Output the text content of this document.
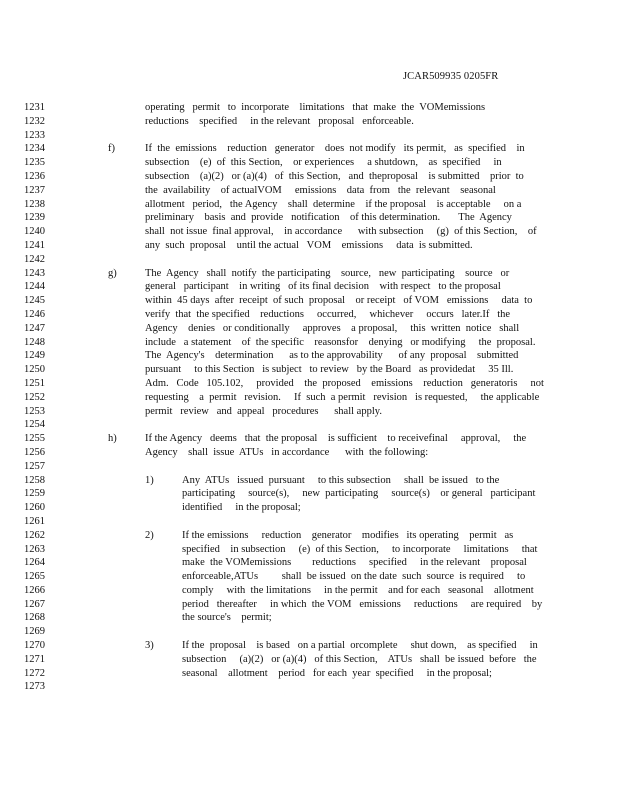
JCAR509935 0205FR
1231	operating   permit   to  incorporate    limitations   that  make  the  VOMemissions
1232	reductions    specified     in the relevant   proposal   enforceable.
1233
1234	f)	If  the  emissions    reduction   generator    does  not modify   its permit,   as  specified    in
1235	subsection    (e)  of  this Section,    or experiences     a shutdown,    as  specified     in
1236	subsection    (a)(2)   or (a)(4)   of  this Section,   and  theproposal    is submitted    prior  to
1237	the  availability    of actualVOM     emissions    data  from   the  relevant    seasonal
1238	allotment   period,   the Agency    shall  determine    if the proposal    is acceptable     on a
1239	preliminary    basis  and  provide   notification    of this determination.       The  Agency
1240	shall  not issue  final approval,    in accordance      with subsection     (g)  of this Section,    of
1241	any  such  proposal    until the actual   VOM    emissions     data  is submitted.
1242
1243	g)	The  Agency   shall  notify  the participating    source,   new  participating    source   or
1244	general   participant    in writing   of its final decision    with respect   to the proposal
1245	within  45 days  after  receipt  of such  proposal    or receipt   of VOM   emissions     data  to
1246	verify  that  the specified    reductions     occurred,     whichever     occurs   later.If   the
1247	Agency    denies   or conditionally     approves    a proposal,     this  written  notice   shall
1248	include   a statement    of  the specific    reasonsfor    denying   or modifying     the  proposal.
1249	The  Agency's    determination      as to the approvability      of any  proposal    submitted
1250	pursuant     to this Section   is subject   to review   by the Board   as providedat     35 Ill.
1251	Adm.   Code   105.102,     provided    the  proposed    emissions    reduction   generatoris     not
1252	requesting    a  permit   revision.     If  such  a permit   revision   is requested,     the applicable
1253	permit   review   and  appeal   procedures      shall apply.
1254
1255	h)	If the Agency   deems   that  the proposal    is sufficient    to receivefinal     approval,     the
1256	Agency    shall  issue  ATUs   in accordance      with  the following:
1257
1258	1)	Any  ATUs   issued  pursuant     to this subsection     shall  be issued   to the
1259	participating     source(s),     new  participating     source(s)    or general   participant
1260	identified     in the proposal;
1261
1262	2)	If the emissions     reduction    generator    modifies   its operating    permit   as
1263	specified    in subsection     (e)  of this Section,     to incorporate     limitations     that
1264	make  the VOMemissions        reductions     specified     in the relevant    proposal
1265	enforceable,ATUs         shall  be issued  on the date  such  source  is required     to
1266	comply     with  the limitations     in the permit    and for each   seasonal    allotment
1267	period   thereafter     in which  the VOM   emissions     reductions     are required    by
1268	the source's    permit;
1269
1270	3)	If the  proposal    is based   on a partial  orcomplete     shut down,    as specified     in
1271	subsection     (a)(2)   or (a)(4)   of this Section,    ATUs   shall  be issued  before   the
1272	seasonal    allotment    period   for each  year  specified     in the proposal;
1273
